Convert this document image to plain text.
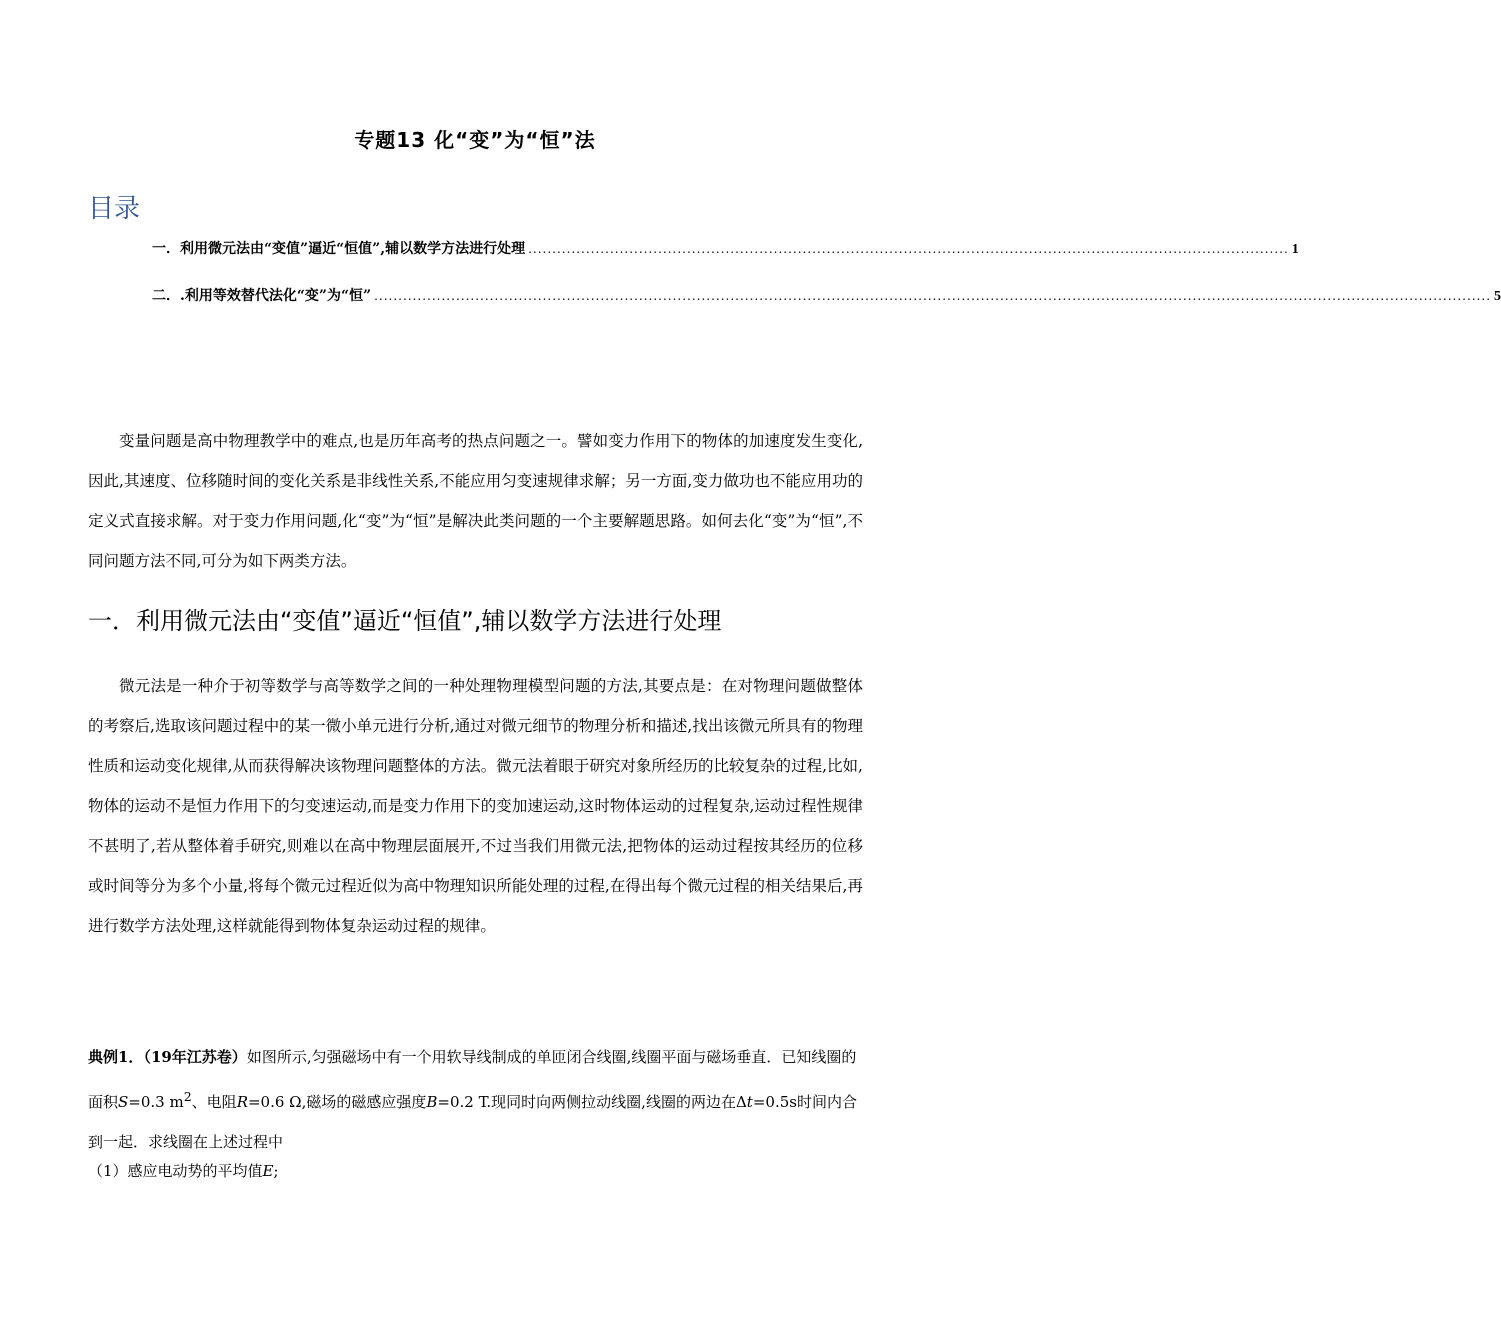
专题13 化“变”为“恒”法
目录
一．利用微元法由“变值”逼近“恒值”,辅以数学方法进行处理 .............................................................................................................................................................. 1
二．.利用等效替代法化“变”为“恒” ........................................................................................................................................................................................................................................ 5
变量问题是高中物理教学中的难点,也是历年高考的热点问题之一。譬如变力作用下的物体的加速度发生变化,因此,其速度、位移随时间的变化关系是非线性关系,不能应用匀变速规律求解；另一方面,变力做功也不能应用功的定义式直接求解。对于变力作用问题,化“变”为“恒”是解决此类问题的一个主要解题思路。如何去化“变”为“恒”,不同问题方法不同,可分为如下两类方法。
一．利用微元法由“变值”逼近“恒值”,辅以数学方法进行处理
微元法是一种介于初等数学与高等数学之间的一种处理物理模型问题的方法,其要点是：在对物理问题做整体的考察后,选取该问题过程中的某一微小单元进行分析,通过对微元细节的物理分析和描述,找出该微元所具有的物理性质和运动变化规律,从而获得解决该物理问题整体的方法。微元法着眼于研究对象所经历的比较复杂的过程,比如,物体的运动不是恒力作用下的匀变速运动,而是变力作用下的变加速运动,这时物体运动的过程复杂,运动过程性规律不甚明了,若从整体着手研究,则难以在高中物理层面展开,不过当我们用微元法,把物体的运动过程按其经历的位移或时间等分为多个小量,将每个微元过程近似为高中物理知识所能处理的过程,在得出每个微元过程的相关结果后,再进行数学方法处理,这样就能得到物体复杂运动过程的规律。
典例1．（19年江苏卷）如图所示,匀强磁场中有一个用软导线制成的单匝闭合线圈,线圈平面与磁场垂直．已知线圈的面积S=0.3 $m^2$、电阻R=0.6 Ω,磁场的磁感应强度B=0.2 T.现同时向两侧拉动线圈,线圈的两边在Δt=0.5s时间内合到一起．求线圈在上述过程中
（1）感应电动势的平均值E;
